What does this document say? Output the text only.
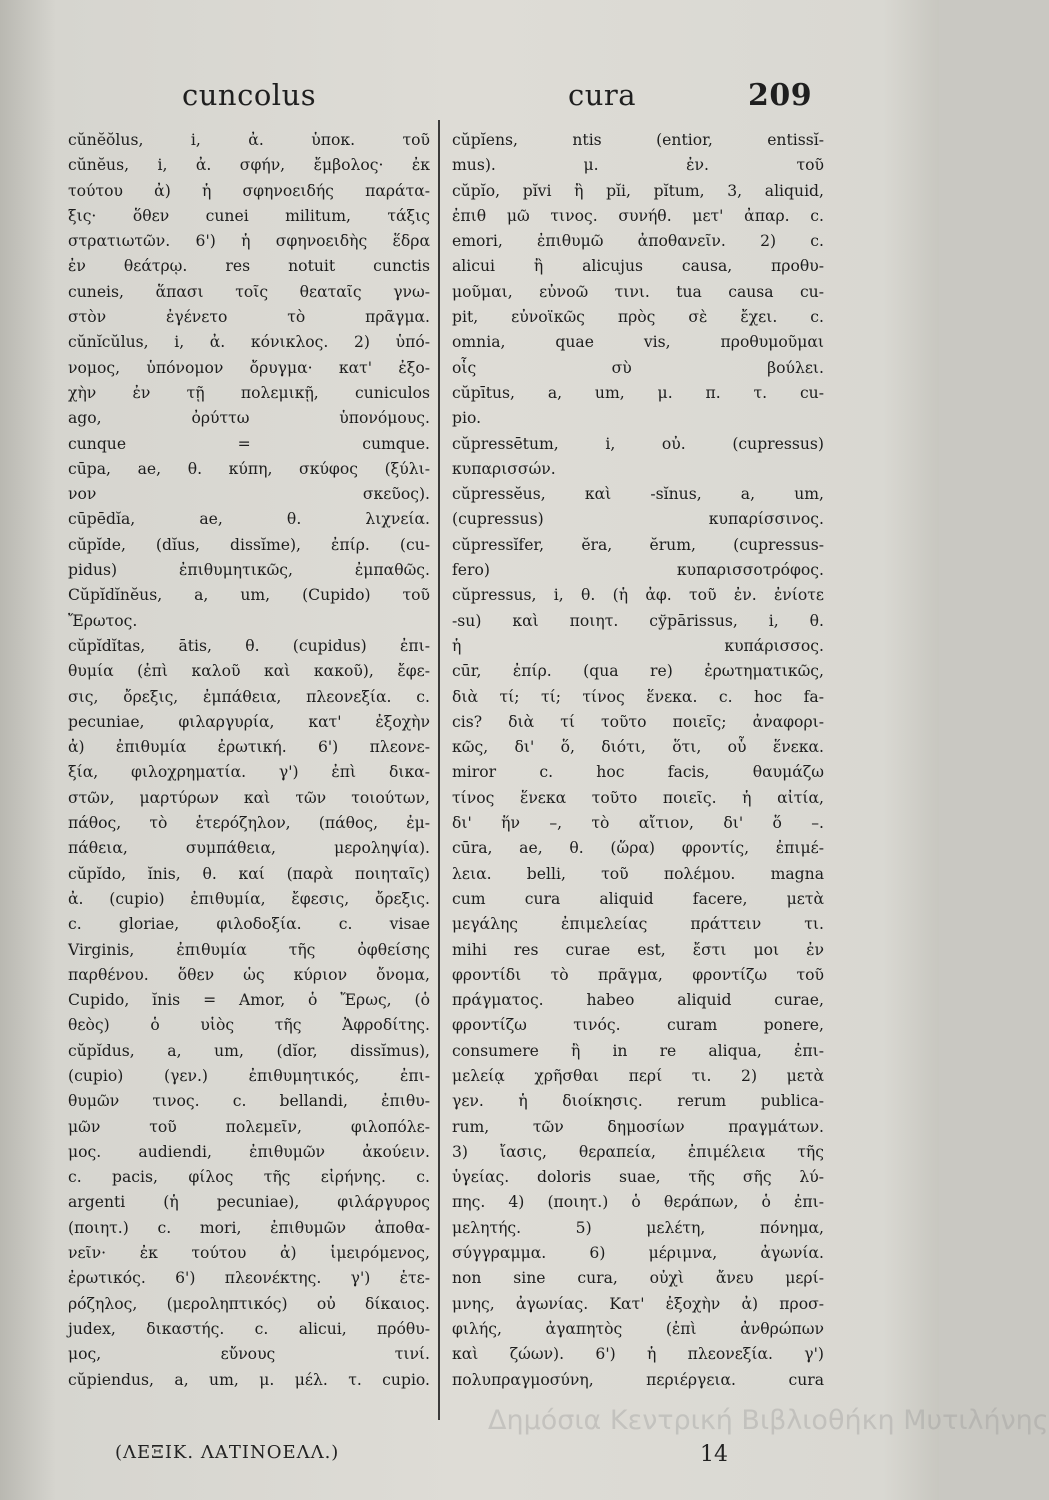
cuncolus	cura	209
cŭnĕŏlus, i, ἀ. ὑποκ. τοῦ
cŭnĕus, i, ἀ. σφήν, ἔμβολος· ἐκ
τούτου ἀ) ἡ σφηνοειδής παράτα-
ξις· ὅθεν cunei militum, τάξις
στρατιωτῶν. 6') ἡ σφηνοειδὴς ἕδρα
ἐν θεάτρῳ. res notuit cunctis
cuneis, ἅπασι τοῖς θεαταῖς γνω-
στὸν ἐγένετο τὸ πρᾶγμα.
cŭnĭcŭlus, i, ἀ. κόνικλος. 2) ὑπό-
νομος, ὑπόνομον ὄρυγμα· κατ' ἐξο-
χὴν ἐν τῇ πολεμικῇ, cuniculos
ago, ὀρύττω ὑπονόμους.
cunque = cumque.
cūpa, ae, θ. κύπη, σκύφος (ξύλι-
νον σκεῦος).
cūpēdĭa, ae, θ. λιχνεία.
cŭpĭde, (dĭus, dissĭme), ἐπίρ. (cu-
pidus) ἐπιθυμητικῶς, ἐμπαθῶς.
Cŭpĭdĭnĕus, a, um, (Cupido) τοῦ
Ἔρωτος.
cŭpĭdĭtas, ātis, θ. (cupidus) ἐπι-
θυμία (ἐπὶ καλοῦ καὶ κακοῦ), ἔφε-
σις, ὄρεξις, ἐμπάθεια, πλεονεξία. c.
pecuniae, φιλαργυρία, κατ' ἐξοχὴν
ἀ) ἐπιθυμία ἐρωτική. 6') πλεονε-
ξία, φιλοχρηματία. γ') ἐπὶ δικα-
στῶν, μαρτύρων καὶ τῶν τοιούτων,
πάθος, τὸ ἑτερόζηλον, (πάθος, ἐμ-
πάθεια, συμπάθεια, μεροληψία).
cŭpĭdo, ĭnis, θ. καί (παρὰ ποιηταῖς)
ἀ. (cupio) ἐπιθυμία, ἔφεσις, ὄρεξις.
c. gloriae, φιλοδοξία. c. visae
Virginis, ἐπιθυμία τῆς ὀφθείσης
παρθένου. ὅθεν ὡς κύριον ὄνομα,
Cupido, ĭnis = Amor, ὁ Ἔρως, (ὁ
θεὸς) ὁ υἱὸς τῆς Ἀφροδίτης.
cŭpĭdus, a, um, (dĭor, dissĭmus),
(cupio) (γεν.) ἐπιθυμητικός, ἐπι-
θυμῶν τινος. c. bellandi, ἐπιθυ-
μῶν τοῦ πολεμεῖν, φιλοπόλε-
μος. audiendi, ἐπιθυμῶν ἀκούειν.
c. pacis, φίλος τῆς εἰρήνης. c.
argenti (ἡ pecuniae), φιλάργυρος
(ποιητ.) c. mori, ἐπιθυμῶν ἀποθα-
νεῖν· ἐκ τούτου ἀ) ἱμειρόμενος,
ἐρωτικός. 6') πλεονέκτης. γ') ἑτε-
ρόζηλος, (μεροληπτικός) οὐ δίκαιος.
judex, δικαστής. c. alicui, πρόθυ-
μος, εὔνους τινί.
cŭpiendus, a, um, μ. μέλ. τ. cupio.
cŭpĭens, ntis (entior, entissĭ-
mus). μ. ἐν. τοῦ
cŭpĭo, pĭvi ἢ pĭi, pĭtum, 3, aliquid,
ἐπιθ μῶ τινος. συνήθ. μετ' ἀπαρ. c.
emori, ἐπιθυμῶ ἀποθανεῖν. 2) c.
alicui ἢ alicujus causa, προθυ-
μοῦμαι, εὐνοῶ τινι. tua causa cu-
pit, εὐνοϊκῶς πρὸς σὲ ἔχει. c.
omnia, quae vis, προθυμοῦμαι
οἷς σὺ βούλει.
cŭpītus, a, um, μ. π. τ. cu-
pio.
cŭpressētum, i, οὐ. (cupressus)
κυπαρισσών.
cŭpressĕus, καὶ -sĭnus, a, um,
(cupressus) κυπαρίσσινος.
cŭpressĭfer, ĕra, ĕrum, (cupressus-
fero) κυπαρισσοτρόφος.
cŭpressus, i, θ. (ἡ ἀφ. τοῦ ἐν. ἐνίοτε
-su) καὶ ποιητ. cўpārissus, i, θ.
ἡ κυπάρισσος.
cūr, ἐπίρ. (qua re) ἐρωτηματικῶς,
διὰ τί; τί; τίνος ἕνεκα. c. hoc fa-
cis? διὰ τί τοῦτο ποιεῖς; ἀναφορι-
κῶς, δι' ὅ, διότι, ὅτι, οὗ ἕνεκα.
miror c. hoc facis, θαυμάζω
τίνος ἕνεκα τοῦτο ποιεῖς. ἡ αἰτία,
δι' ἥν –, τὸ αἴτιον, δι' ὅ –.
cūra, ae, θ. (ὥρα) φροντίς, ἐπιμέ-
λεια. belli, τοῦ πολέμου. magna
cum cura aliquid facere, μετὰ
μεγάλης ἐπιμελείας πράττειν τι.
mihi res curae est, ἔστι μοι ἐν
φροντίδι τὸ πρᾶγμα, φροντίζω τοῦ
πράγματος. habeo aliquid curae,
φροντίζω τινός. curam ponere,
consumere ἢ in re aliqua, ἐπι-
μελείᾳ χρῆσθαι περί τι. 2) μετὰ
γεν. ἡ διοίκησις. rerum publica-
rum, τῶν δημοσίων πραγμάτων.
3) ἴασις, θεραπεία, ἐπιμέλεια τῆς
ὑγείας. doloris suae, τῆς σῆς λύ-
πης. 4) (ποιητ.) ὁ θεράπων, ὁ ἐπι-
μελητής. 5) μελέτη, πόνημα,
σύγγραμμα. 6) μέριμνα, ἀγωνία.
non sine cura, οὐχὶ ἄνευ μερί-
μνης, ἀγωνίας. Κατ' ἐξοχὴν ἀ) προσ-
φιλής, ἀγαπητὸς (ἐπὶ ἀνθρώπων
καὶ ζώων). 6') ἡ πλεονεξία. γ')
πολυπραγμοσύνη, περιέργεια. cura
(ΛΕΞΙΚ. ΛΑΤΙΝΟΕΛΛ.)	14
Δημόσια Κεντρική Βιβλιοθήκη Μυτιλήνης
